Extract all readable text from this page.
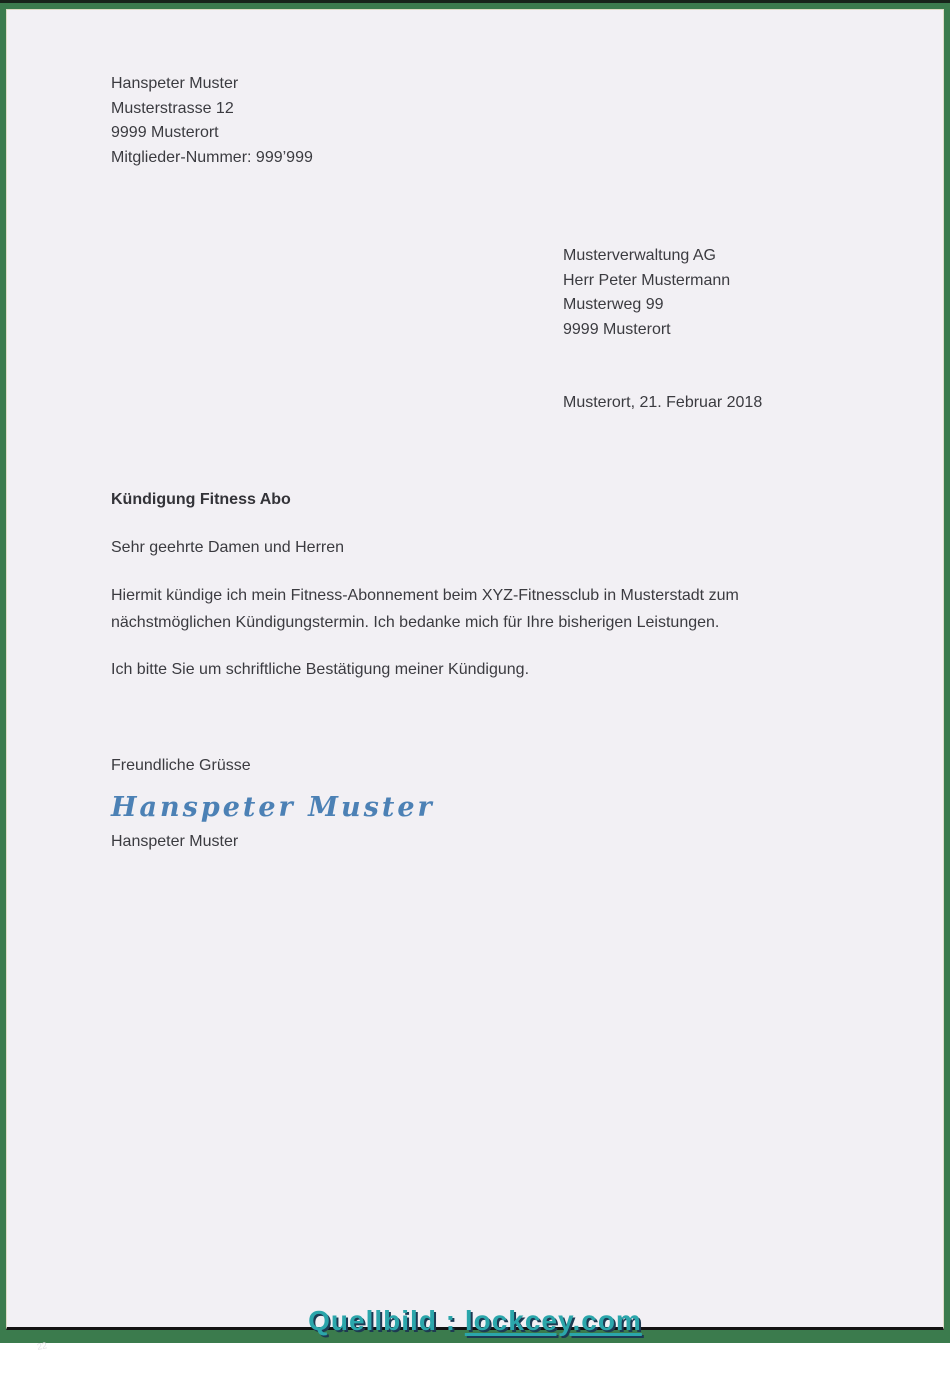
Hanspeter Muster
Musterstrasse 12
9999 Musterort
Mitglieder-Nummer: 999’999
Musterverwaltung AG
Herr Peter Mustermann
Musterweg 99
9999 Musterort
Musterort, 21. Februar 2018
Kündigung Fitness Abo
Sehr geehrte Damen und Herren
Hiermit kündige ich mein Fitness-Abonnement beim XYZ-Fitnessclub in Musterstadt zum nächstmöglichen Kündigungstermin. Ich bedanke mich für Ihre bisherigen Leistungen.
Ich bitte Sie um schriftliche Bestätigung meiner Kündigung.
Freundliche Grüsse
Hanspeter Muster
Hanspeter Muster
22
Quellbild : lockcey.com
